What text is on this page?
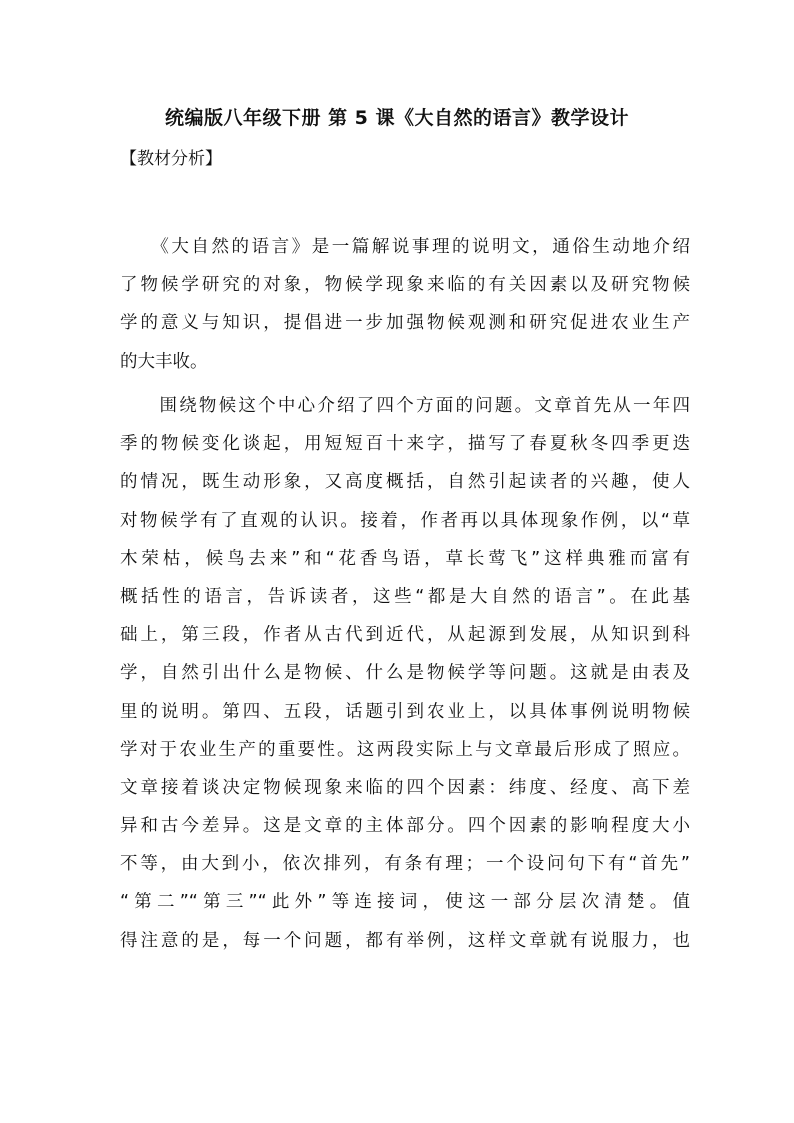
统编版八年级下册 第 5 课《大自然的语言》教学设计
【教材分析】
　　《大自然的语言》是一篇解说事理的说明文，通俗生动地介绍
了物候学研究的对象，物候学现象来临的有关因素以及研究物候
学的意义与知识，提倡进一步加强物候观测和研究促进农业生产
的大丰收。
　　围绕物候这个中心介绍了四个方面的问题。文章首先从一年四
季的物候变化谈起，用短短百十来字，描写了春夏秋冬四季更迭
的情况，既生动形象，又高度概括，自然引起读者的兴趣，使人
对物候学有了直观的认识。接着，作者再以具体现象作例，以“草
木荣枯，候鸟去来”和“花香鸟语，草长莺飞”这样典雅而富有
概括性的语言，告诉读者，这些“都是大自然的语言”。在此基
础上，第三段，作者从古代到近代，从起源到发展，从知识到科
学，自然引出什么是物候、什么是物候学等问题。这就是由表及
里的说明。第四、五段，话题引到农业上，以具体事例说明物候
学对于农业生产的重要性。这两段实际上与文章最后形成了照应。
文章接着谈决定物候现象来临的四个因素：纬度、经度、高下差
异和古今差异。这是文章的主体部分。四个因素的影响程度大小
不等，由大到小，依次排列，有条有理；一个设问句下有“首先”
“第二”“第三”“此外”等连接词，使这一部分层次清楚。值
得注意的是，每一个问题，都有举例，这样文章就有说服力，也
